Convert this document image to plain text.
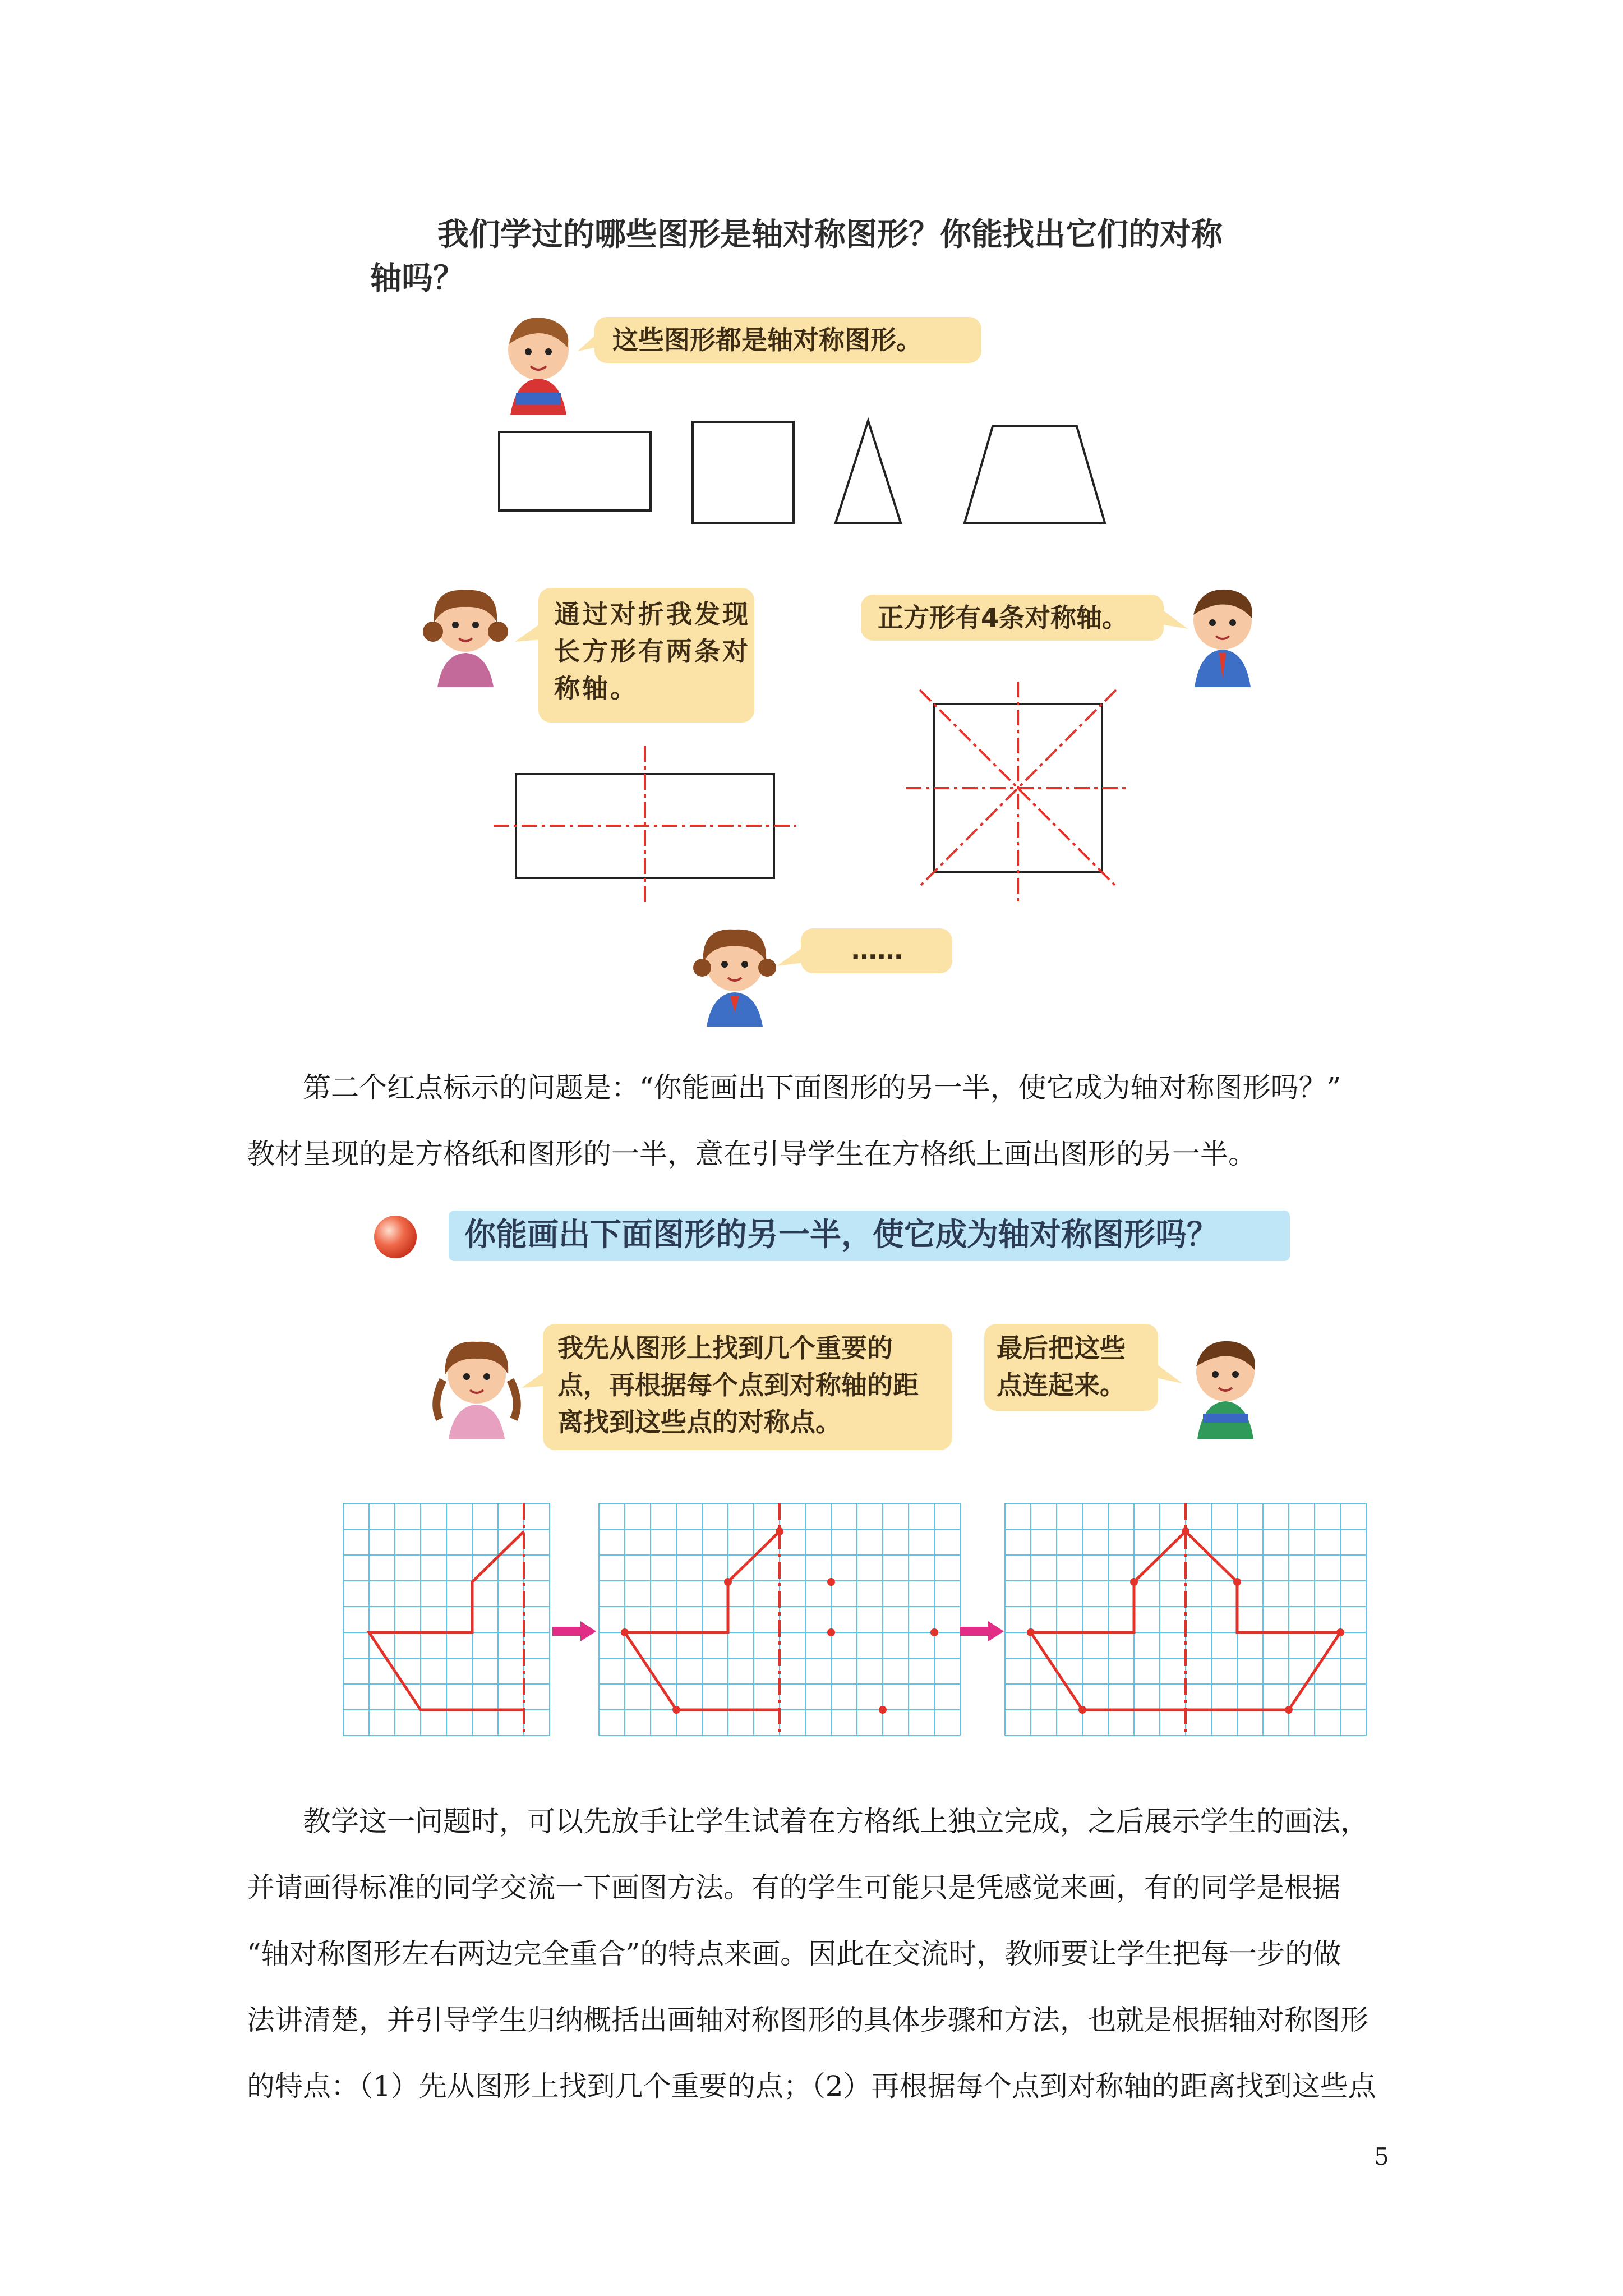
我们学过的哪些图形是轴对称图形？你能找出它们的对称
轴吗？
这些图形都是轴对称图形。
通过对折我发现长方形有两条对称轴。
正方形有4条对称轴。
……
第二个红点标示的问题是：“你能画出下面图形的另一半，使它成为轴对称图形吗？”
教材呈现的是方格纸和图形的一半，意在引导学生在方格纸上画出图形的另一半。
你能画出下面图形的另一半，使它成为轴对称图形吗？
我先从图形上找到几个重要的点，再根据每个点到对称轴的距离找到这些点的对称点。
最后把这些点连起来。
教学这一问题时，可以先放手让学生试着在方格纸上独立完成，之后展示学生的画法，
并请画得标准的同学交流一下画图方法。有的学生可能只是凭感觉来画，有的同学是根据
“轴对称图形左右两边完全重合”的特点来画。因此在交流时，教师要让学生把每一步的做
法讲清楚，并引导学生归纳概括出画轴对称图形的具体步骤和方法，也就是根据轴对称图形
的特点：（1）先从图形上找到几个重要的点；（2）再根据每个点到对称轴的距离找到这些点
5
